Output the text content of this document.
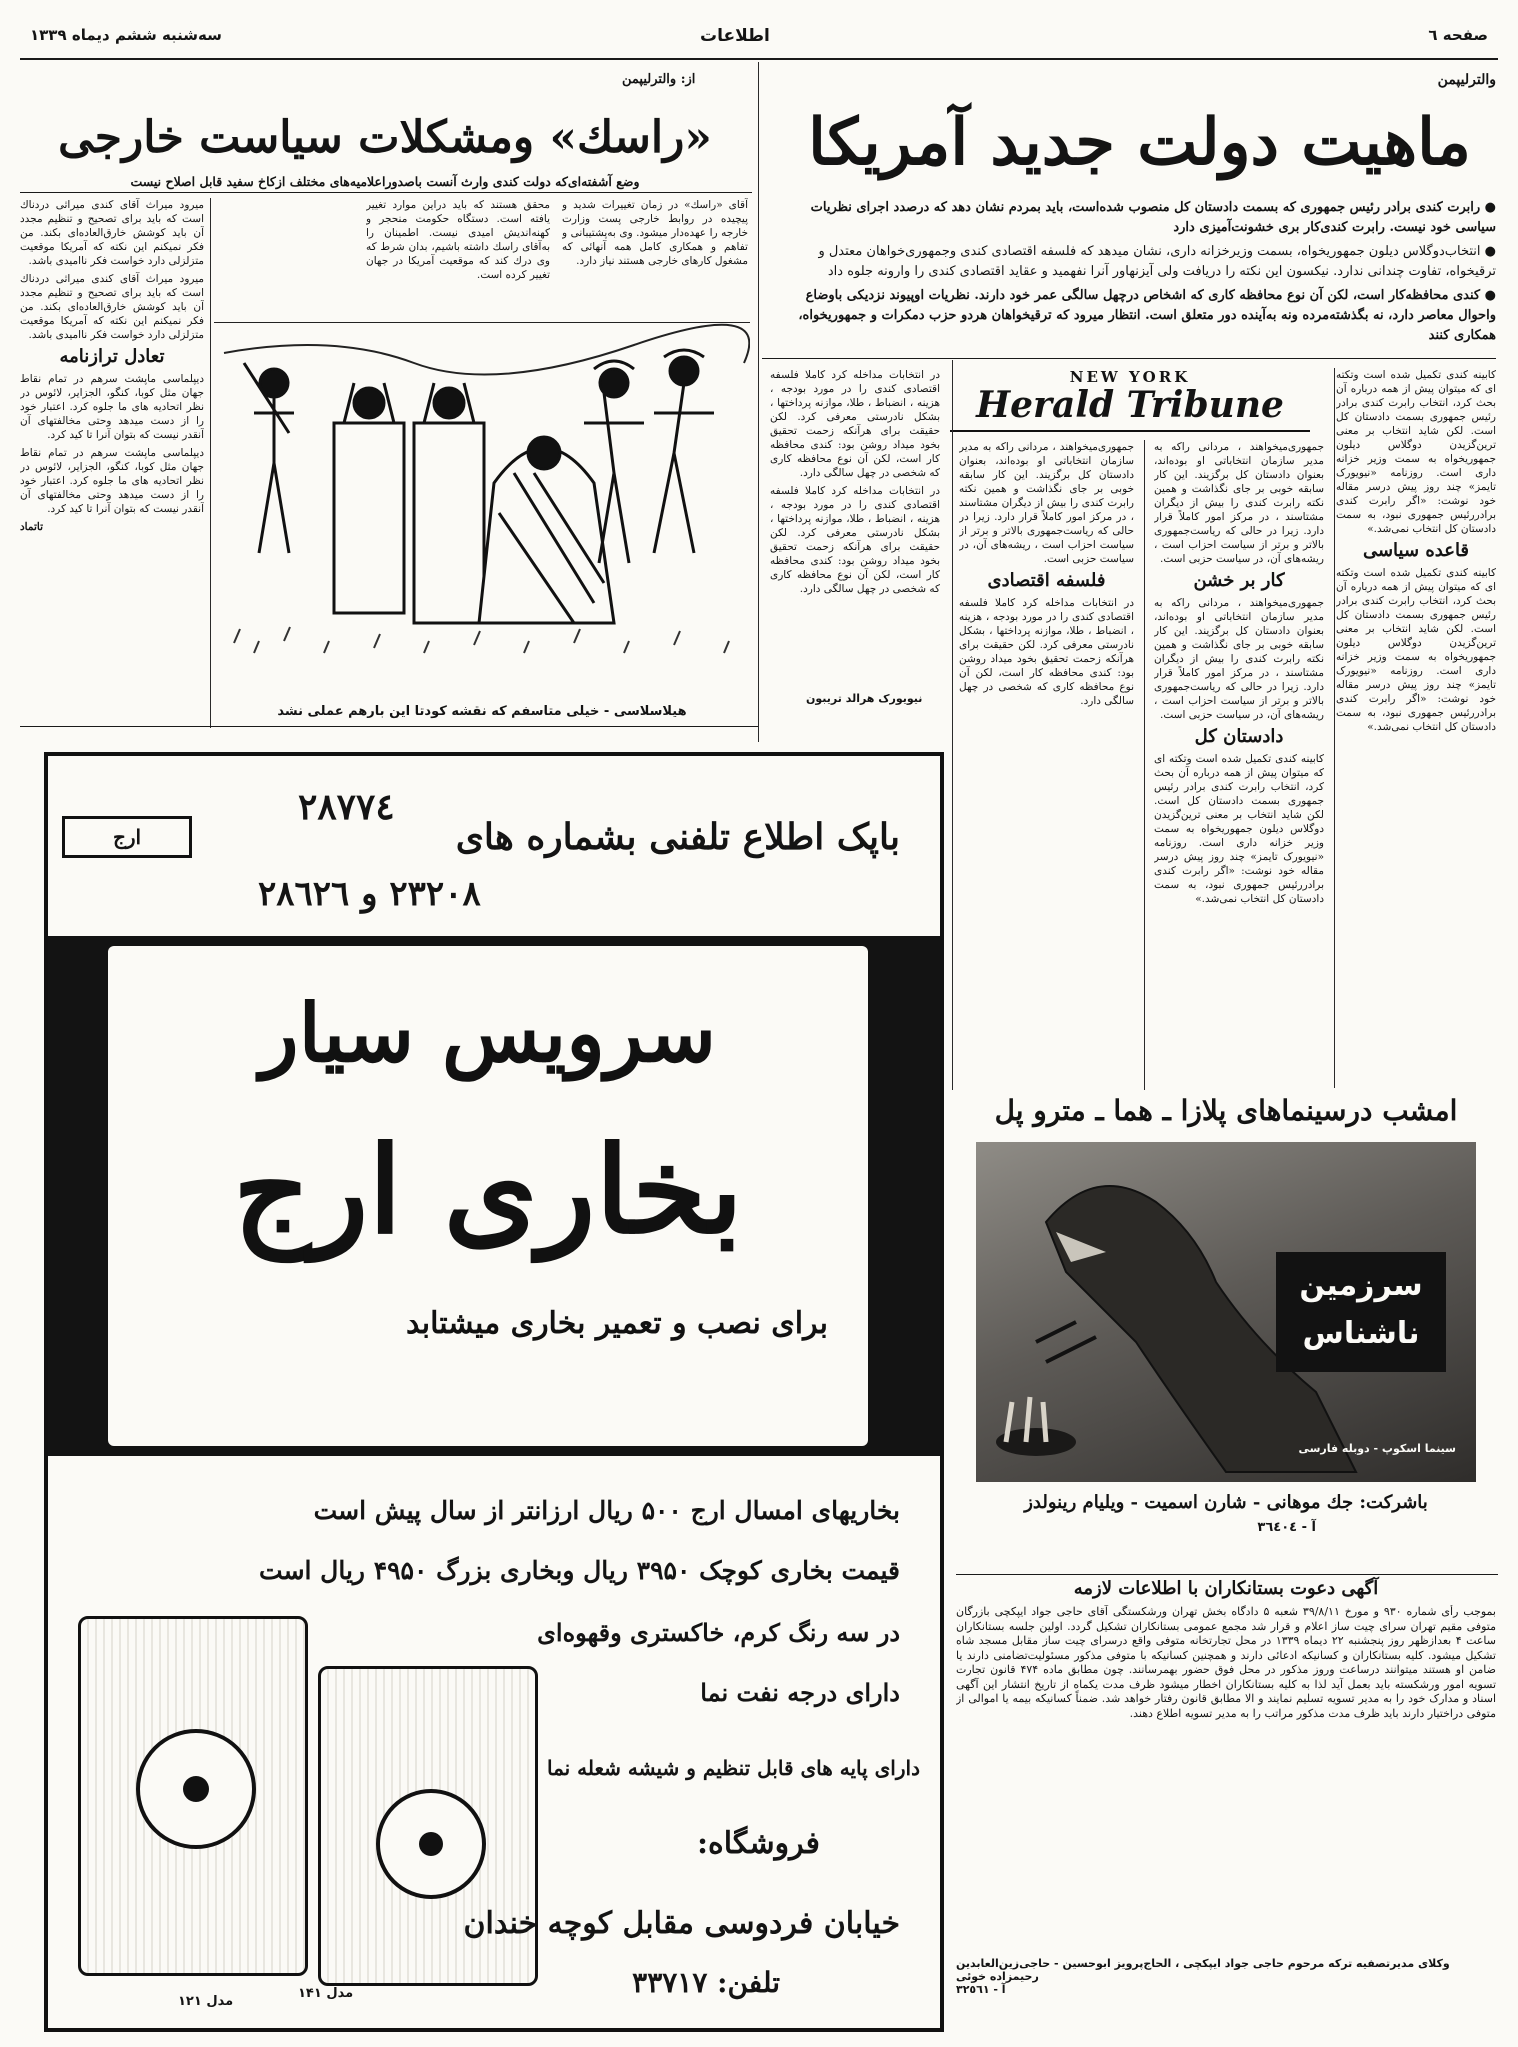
صفحه ٦
اطلاعات
سه‌شنبه ششم دیماه ۱۳۳۹
والترلیپمن
ماهیت دولت جدید آمریکا
● رابرت کندی برادر رئیس جمهوری که بسمت دادستان کل منصوب شده‌است، باید بمردم نشان دهد که درصدد اجرای نظریات سیاسی خود نیست. رابرت کندی‌کار بری خشونت‌آمیزی دارد
● انتخاب‌دوگلاس دیلون جمهوریخواه، بسمت وزیرخزانه داری، نشان میدهد که فلسفه اقتصادی کندی وجمهوری‌خواهان معتدل و ترقیخواه، تفاوت چندانی ندارد. نیکسون این نکته را دریافت ولی آیزنهاور آنرا نفهمید و عقاید اقتصادی کندی را وارونه جلوه داد
● کندی محافظه‌کار است، لکن آن نوع محافظه کاری که اشخاص درچهل سالگی عمر خود دارند. نظریات اوپیوند نزدیکی باوضاع واحوال معاصر دارد، نه بگذشته‌مرده ونه به‌آینده دور متعلق است. انتظار میرود که ترقیخواهان هردو حزب دمکرات و جمهوریخواه، همکاری کنند
NEW YORK
Herald Tribune

کابینه کندی تکمیل شده است وتکته ای که میتوان پیش از همه درباره آن بحث کرد، انتخاب رابرت کندی برادر رئیس جمهوری بسمت دادستان کل است. لکن شاید انتخاب بر معنی ترین‌گزیدن دوگلاس دیلون جمهوریخواه به سمت وزیر خزانه داری است. روزنامه «نیویورک تایمز» چند روز پیش درسر مقاله خود نوشت: «اگر رابرت کندی برادررئیس جمهوری نبود، به سمت دادستان کل انتخاب نمی‌شد.»

قاعده سیاسی

کابینه کندی تکمیل شده است وتکته ای که میتوان پیش از همه درباره آن بحث کرد، انتخاب رابرت کندی برادر رئیس جمهوری بسمت دادستان کل است. لکن شاید انتخاب بر معنی ترین‌گزیدن دوگلاس دیلون جمهوریخواه به سمت وزیر خزانه داری است. روزنامه «نیویورک تایمز» چند روز پیش درسر مقاله خود نوشت: «اگر رابرت کندی برادررئیس جمهوری نبود، به سمت دادستان کل انتخاب نمی‌شد.»

جمهوری‌میخواهند ، مردانی راکه به مدیر سازمان انتخاباتی او بوده‌اند، بعنوان دادستان کل برگزیند. این کار سابقه خوبی بر جای نگذاشت و همین نکته رابرت کندی را بیش از دیگران مشتاسند ، در مرکز امور کاملاً قرار دارد. زیرا در حالی که ریاست‌جمهوری بالاتر و برتر از سیاست احزاب است ، ریشه‌های آن، در سیاست حزبی است.

کار بر خشن

جمهوری‌میخواهند ، مردانی راکه به مدیر سازمان انتخاباتی او بوده‌اند، بعنوان دادستان کل برگزیند. این کار سابقه خوبی بر جای نگذاشت و همین نکته رابرت کندی را بیش از دیگران مشتاسند ، در مرکز امور کاملاً قرار دارد. زیرا در حالی که ریاست‌جمهوری بالاتر و برتر از سیاست احزاب است ، ریشه‌های آن، در سیاست حزبی است.

دادستان کل

کابینه کندی تکمیل شده است وتکته ای که میتوان پیش از همه درباره آن بحث کرد، انتخاب رابرت کندی برادر رئیس جمهوری بسمت دادستان کل است. لکن شاید انتخاب بر معنی ترین‌گزیدن دوگلاس دیلون جمهوریخواه به سمت وزیر خزانه داری است. روزنامه «نیویورک تایمز» چند روز پیش درسر مقاله خود نوشت: «اگر رابرت کندی برادررئیس جمهوری نبود، به سمت دادستان کل انتخاب نمی‌شد.»

جمهوری‌میخواهند ، مردانی راکه به مدیر سازمان انتخاباتی او بوده‌اند، بعنوان دادستان کل برگزیند. این کار سابقه خوبی بر جای نگذاشت و همین نکته رابرت کندی را بیش از دیگران مشتاسند ، در مرکز امور کاملاً قرار دارد. زیرا در حالی که ریاست‌جمهوری بالاتر و برتر از سیاست احزاب است ، ریشه‌های آن، در سیاست حزبی است.

فلسفه اقتصادی

در انتخابات مداخله کرد کاملا فلسفه اقتصادی کندی را در مورد بودجه ، هزینه ، انضباط ، طلا، موازنه پرداختها ، بشکل نادرستی معرفی کرد. لکن حقیقت برای هرآنکه زحمت تحقیق بخود میداد روشن بود: کندی محافظه کار است، لکن آن نوع محافظه کاری که شخصی در چهل سالگی دارد.

در انتخابات مداخله کرد کاملا فلسفه اقتصادی کندی را در مورد بودجه ، هزینه ، انضباط ، طلا، موازنه پرداختها ، بشکل نادرستی معرفی کرد. لکن حقیقت برای هرآنکه زحمت تحقیق بخود میداد روشن بود: کندی محافظه کار است، لکن آن نوع محافظه کاری که شخصی در چهل سالگی دارد.

در انتخابات مداخله کرد کاملا فلسفه اقتصادی کندی را در مورد بودجه ، هزینه ، انضباط ، طلا، موازنه پرداختها ، بشکل نادرستی معرفی کرد. لکن حقیقت برای هرآنکه زحمت تحقیق بخود میداد روشن بود: کندی محافظه کار است، لکن آن نوع محافظه کاری که شخصی در چهل سالگی دارد.

نیویورک هرالد تریبون
از: والترلیپمن
«راسك» ومشكلات سیاست خارجی
وضع آشفته‌ای‌که دولت کندی وارث آنست باصدوراعلامیه‌های مختلف ازکاخ سفید قابل اصلاح نیست

آقای «راسك» در زمان تغییرات شدید و پیچیده در روابط خارجی پست وزارت خارجه را عهده‌دار میشود. وی به‌پشتیبانی و تفاهم و همکاری کامل همه آنهائی که مشغول کارهای خارجی هستند نیاز دارد.

محقق هستند که باید دراین موارد تغییر یافته است. دستگاه حکومت منحجر و کهنه‌اندیش امیدی نیست. اطمینان را به‌آقای راسك داشته باشیم، بدان شرط که وی درك کند که موقعیت آمریکا در جهان تغییر کرده است.

میرود میراث آقای کندی میراثی دردناك است که باید برای تصحیح و تنظیم مجدد آن باید کوشش خارق‌العاده‌ای بکند. من فکر نمیکنم این نکته که آمریکا موقعیت متزلزلی دارد خواست فکر ناامیدی باشد.

میرود میراث آقای کندی میراثی دردناك است که باید برای تصحیح و تنظیم مجدد آن باید کوشش خارق‌العاده‌ای بکند. من فکر نمیکنم این نکته که آمریکا موقعیت متزلزلی دارد خواست فکر ناامیدی باشد.

تعادل ترازنامه

دیپلماسی ماپشت سرهم در تمام نقاط جهان مثل کوبا، کنگو، الجزایر، لائوس در نظر اتحادیه های ما جلوه کرد. اعتبار خود را از دست میدهد وحتی مخالفتهای آن آنقدر نیست که بتوان آنرا تا کید کرد.

دیپلماسی ماپشت سرهم در تمام نقاط جهان مثل کوبا، کنگو، الجزایر، لائوس در نظر اتحادیه های ما جلوه کرد. اعتبار خود را از دست میدهد وحتی مخالفتهای آن آنقدر نیست که بتوان آنرا تا کید کرد.

تاتماد
هیلاسلاسی - خیلی متاسفم که نقشه کودتا این بارهم عملی نشد
ارج
٢٨٧٧٤
باپک اطلاع تلفنی بشماره های
٢٣٢٠٨ و ٢٨٦٢٦
سرویس سیار
بخاری ارج
برای نصب و تعمیر بخاری میشتابد
بخاریهای امسال ارج ۵۰۰ ریال ارزانتر از سال پیش است
قیمت بخاری کوچک ۳۹۵۰ ریال وبخاری بزرگ ۴۹۵۰ ریال است
در سه رنگ کرم، خاکستری وقهوه‌ای
دارای درجه نفت نما
دارای پایه های قابل تنظیم و شیشه شعله نما
مدل ۱۴۱
مدل ۱۲۱
فروشگاه:
خیابان فردوسی مقابل کوچه خندان
تلفن: ٣٣٧١٧
امشب درسینماهای پلازا ـ هما ـ مترو پل
سرزمین ناشناس
سینما اسکوپ - دوبله فارسی
باشرکت: جك موهانی - شارن اسمیت - ویلیام رینولدز
آ - ٣٦٤٠٤
آگهی دعوت بستانکاران با اطلاعات لازمه
بموجب رأی شماره ۹۳۰ و مورخ ۳۹/۸/۱۱ شعبه ۵ دادگاه بخش تهران ورشکستگی آقای حاجی جواد ایپکچی بازرگان متوفی مقیم تهران سرای چیت ساز اعلام و قرار شد مجمع عمومی بستانکاران تشکیل گردد. اولین جلسه بستانکاران ساعت ۴ بعدازظهر روز پنجشنبه ۲۲ دیماه ۱۳۳۹ در محل تجارتخانه متوفی واقع درسرای چیت ساز مقابل مسجد شاه تشکیل میشود. کلیه بستانکاران و کسانیکه ادعائی دارند و همچنین کسانیکه با متوفی مذکور مسئولیت‌تضامنی دارند یا ضامن او هستند میتوانند درساعت وروز مذکور در محل فوق حضور بهمرسانند. چون مطابق ماده ۴۷۴ قانون تجارت تسویه امور ورشکسته باید بعمل آید لذا به کلیه بستانکاران اخطار میشود ظرف مدت یکماه از تاریخ انتشار این آگهی اسناد و مدارک خود را به مدیر تسویه تسلیم نمایند و الا مطابق قانون رفتار خواهد شد. ضمناً کسانیکه بیمه یا اموالی از متوفی دراختیار دارند باید ظرف مدت مذکور مراتب را به مدیر تسویه اطلاع دهند.
وکلای مدیرتصفیه ترکه مرحوم حاجی جواد ایپکچی ، الحاج‌پرویز ابوحسین - حاجی‌زین‌العابدین رحیمزاده خوئی
آ - ٣٢٥٦١
